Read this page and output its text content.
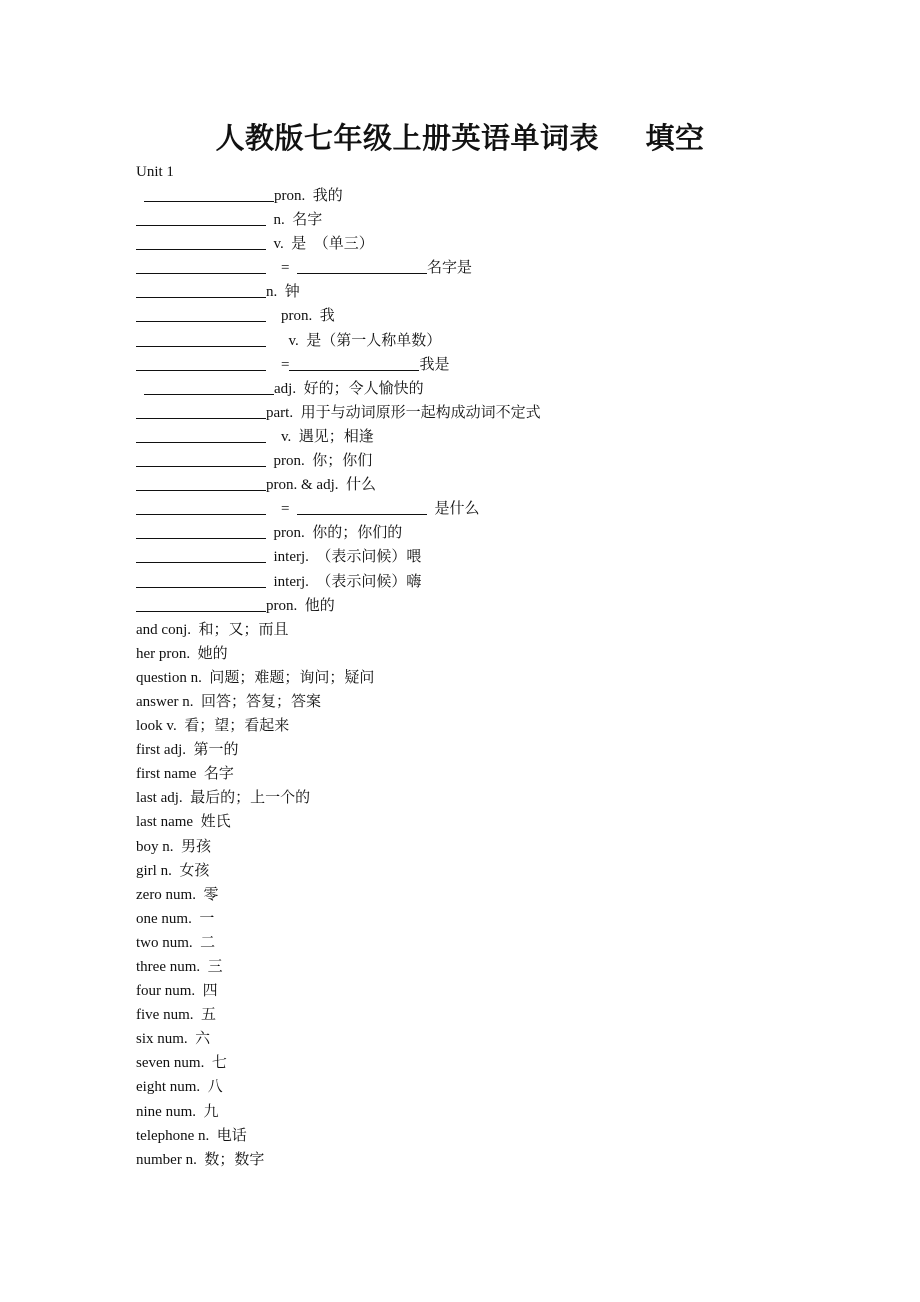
人教版七年级上册英语单词表      填空
Unit 1
pron.  我的
n.  名字
v.  是  （单三）
=	名字是
n.  钟
pron.  我
v.  是（第一人称单数）
=	我是
adj.  好的；令人愉快的
part.  用于与动词原形一起构成动词不定式
v.  遇见；相逢
pron.  你；你们
pron. & adj.  什么
=	是什么
pron.  你的；你们的
interj.  （表示问候）喂
interj.  （表示问候）嗨
pron.  他的
and conj.  和；又；而且
her pron.  她的
question n.  问题；难题；询问；疑问
answer n.  回答；答复；答案
look v.  看；望；看起来
first adj.  第一的
first name  名字
last adj.  最后的；上一个的
last name  姓氏
boy n.  男孩
girl n.  女孩
zero num.  零
one num.  一
two num.  二
three num.  三
four num.  四
five num.  五
six num.  六
seven num.  七
eight num.  八
nine num.  九
telephone n.  电话
number n.  数；数字
